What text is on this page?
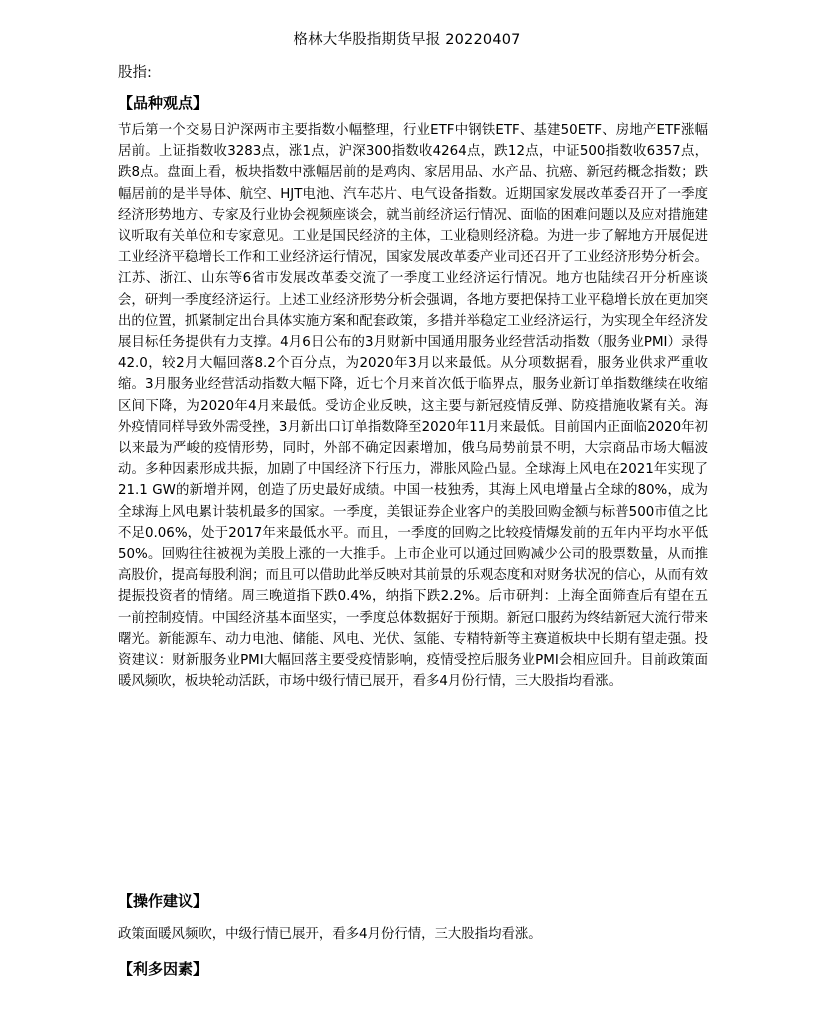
格林大华股指期货早报 20220407
股指:
【品种观点】
节后第一个交易日沪深两市主要指数小幅整理，行业ETF中钢铁ETF、基建50ETF、房地产ETF涨幅居前。上证指数收3283点，涨1点，沪深300指数收4264点，跌12点，中证500指数收6357点，跌8点。盘面上看，板块指数中涨幅居前的是鸡肉、家居用品、水产品、抗癌、新冠药概念指数；跌幅居前的是半导体、航空、HJT电池、汽车芯片、电气设备指数。近期国家发展改革委召开了一季度经济形势地方、专家及行业协会视频座谈会，就当前经济运行情况、面临的困难问题以及应对措施建议听取有关单位和专家意见。工业是国民经济的主体，工业稳则经济稳。为进一步了解地方开展促进工业经济平稳增长工作和工业经济运行情况，国家发展改革委产业司还召开了工业经济形势分析会。江苏、浙江、山东等6省市发展改革委交流了一季度工业经济运行情况。地方也陆续召开分析座谈会，研判一季度经济运行。上述工业经济形势分析会强调，各地方要把保持工业平稳增长放在更加突出的位置，抓紧制定出台具体实施方案和配套政策，多措并举稳定工业经济运行，为实现全年经济发展目标任务提供有力支撑。4月6日公布的3月财新中国通用服务业经营活动指数（服务业PMI）录得42.0，较2月大幅回落8.2个百分点，为2020年3月以来最低。从分项数据看，服务业供求严重收缩。3月服务业经营活动指数大幅下降，近七个月来首次低于临界点，服务业新订单指数继续在收缩区间下降，为2020年4月来最低。受访企业反映，这主要与新冠疫情反弹、防疫措施收紧有关。海外疫情同样导致外需受挫，3月新出口订单指数降至2020年11月来最低。目前国内正面临2020年初以来最为严峻的疫情形势，同时，外部不确定因素增加，俄乌局势前景不明，大宗商品市场大幅波动。多种因素形成共振，加剧了中国经济下行压力，滞胀风险凸显。全球海上风电在2021年实现了21.1 GW的新增并网，创造了历史最好成绩。中国一枝独秀，其海上风电增量占全球的80%，成为全球海上风电累计装机最多的国家。一季度，美银证券企业客户的美股回购金额与标普500市值之比不足0.06%，处于2017年来最低水平。而且，一季度的回购之比较疫情爆发前的五年内平均水平低50%。回购往往被视为美股上涨的一大推手。上市企业可以通过回购减少公司的股票数量，从而推高股价，提高每股利润；而且可以借助此举反映对其前景的乐观态度和对财务状况的信心，从而有效提振投资者的情绪。周三晚道指下跌0.4%，纳指下跌2.2%。后市研判：上海全面筛查后有望在五一前控制疫情。中国经济基本面坚实，一季度总体数据好于预期。新冠口服药为终结新冠大流行带来曙光。新能源车、动力电池、储能、风电、光伏、氢能、专精特新等主赛道板块中长期有望走强。投资建议：财新服务业PMI大幅回落主要受疫情影响，疫情受控后服务业PMI会相应回升。目前政策面暖风频吹，板块轮动活跃，市场中级行情已展开，看多4月份行情，三大股指均看涨。
【操作建议】
政策面暖风频吹，中级行情已展开，看多4月份行情，三大股指均看涨。
【利多因素】
